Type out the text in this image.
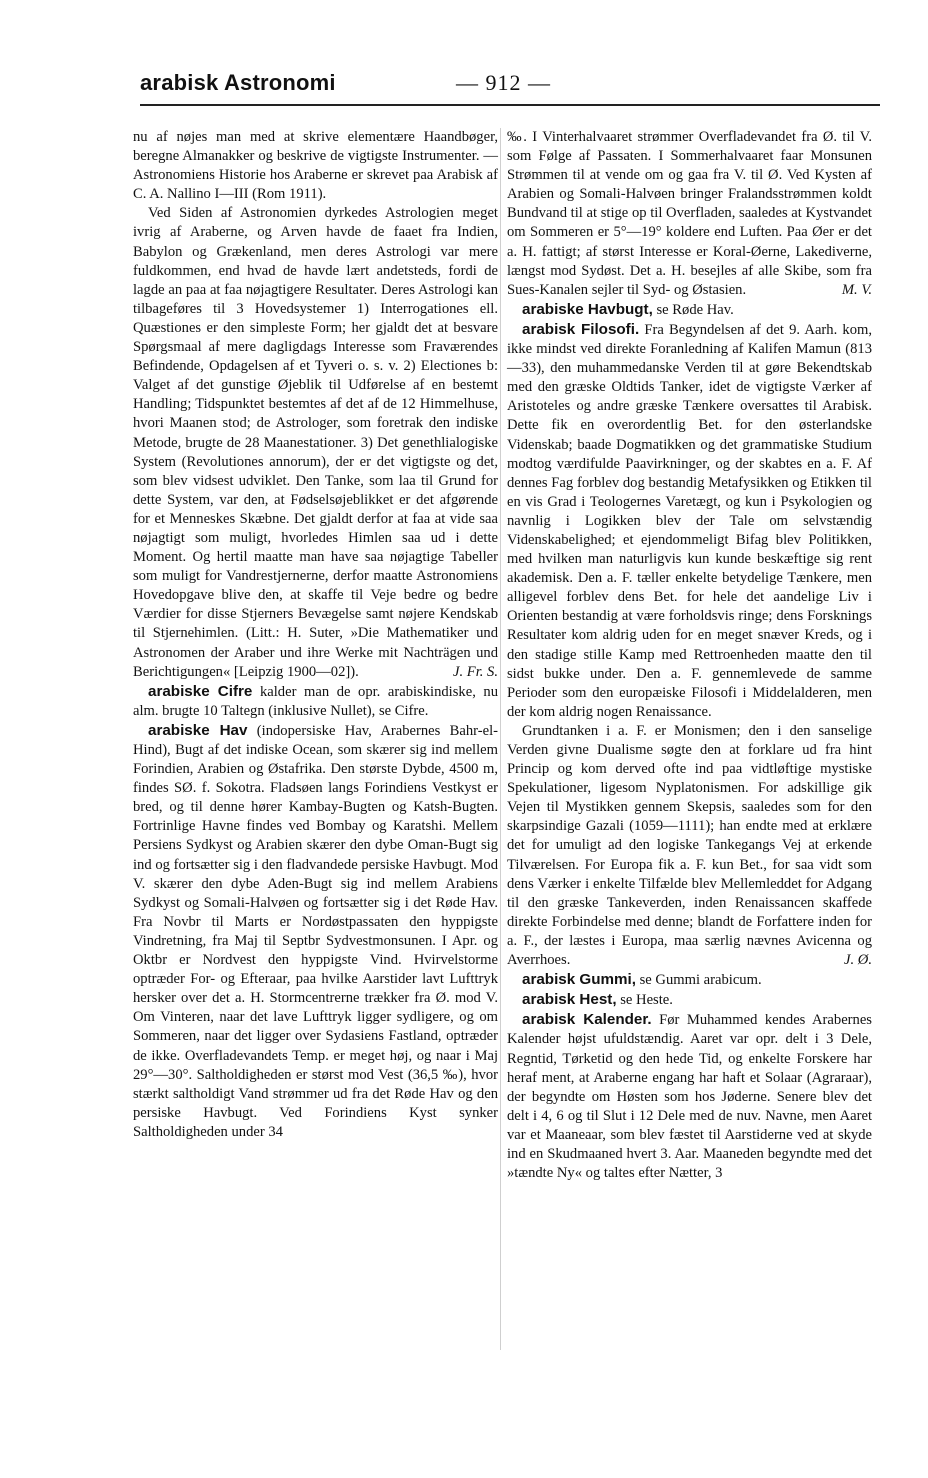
arabisk Astronomi	— 912 —

nu af nøjes man med at skrive elementære Haandbøger, beregne Almanakker og beskrive de vigtigste Instrumenter. — Astronomiens Historie hos Araberne er skrevet paa Arabisk af C. A. Nallino I—III (Rom 1911).

Ved Siden af Astronomien dyrkedes Astrologien meget ivrig af Araberne, og Arven havde de faaet fra Indien, Babylon og Grækenland, men deres Astrologi var mere fuldkommen, end hvad de havde lært andetsteds, fordi de lagde an paa at faa nøjagtigere Resultater. Deres Astrologi kan tilbageføres til 3 Hovedsystemer 1) Interrogationes ell. Quæstiones er den simpleste Form; her gjaldt det at besvare Spørgsmaal af mere dagligdags Interesse som Fraværendes Befindende, Opdagelsen af et Tyveri o. s. v. 2) Electiones b: Valget af det gunstige Øjeblik til Udførelse af en bestemt Handling; Tidspunktet bestemtes af det af de 12 Himmelhuse, hvori Maanen stod; de Astrologer, som foretrak den indiske Metode, brugte de 28 Maanestationer. 3) Det genethlialogiske System (Revolutiones annorum), der er det vigtigste og det, som blev vidsest udviklet. Den Tanke, som laa til Grund for dette System, var den, at Fødselsøjeblikket er det afgørende for et Menneskes Skæbne. Det gjaldt derfor at faa at vide saa nøjagtigt som muligt, hvorledes Himlen saa ud i dette Moment. Og hertil maatte man have saa nøjagtige Tabeller som muligt for Vandrestjernerne, derfor maatte Astronomiens Hovedopgave blive den, at skaffe til Veje bedre og bedre Værdier for disse Stjerners Bevægelse samt nøjere Kendskab til Stjernehimlen. (Litt.: H. Suter, »Die Mathematiker und Astronomen der Araber und ihre Werke mit Nachträgen und Berichtigungen« [Leipzig 1900—02]).	J. Fr. S.

arabiske Cifre kalder man de opr. arabiskindiske, nu alm. brugte 10 Taltegn (inklusive Nullet), se Cifre.

arabiske Hav (indopersiske Hav, Arabernes Bahr-el-Hind), Bugt af det indiske Ocean, som skærer sig ind mellem Forindien, Arabien og Østafrika. Den største Dybde, 4500 m, findes SØ. f. Sokotra. Fladsøen langs Forindiens Vestkyst er bred, og til denne hører Kambay-Bugten og Katsh-Bugten. Fortrinlige Havne findes ved Bombay og Karatshi. Mellem Persiens Sydkyst og Arabien skærer den dybe Oman-Bugt sig ind og fortsætter sig i den fladvandede persiske Havbugt. Mod V. skærer den dybe Aden-Bugt sig ind mellem Arabiens Sydkyst og Somali-Halvøen og fortsætter sig i det Røde Hav. Fra Novbr til Marts er Nordøstpassaten den hyppigste Vindretning, fra Maj til Septbr Sydvestmonsunen. I Apr. og Oktbr er Nordvest den hyppigste Vind. Hvirvelstorme optræder For- og Efteraar, paa hvilke Aarstider lavt Lufttryk hersker over det a. H. Stormcentrerne trækker fra Ø. mod V. Om Vinteren, naar det lave Lufttryk ligger sydligere, og om Sommeren, naar det ligger over Sydasiens Fastland, optræder de ikke. Overfladevandets Temp. er meget høj, og naar i Maj 29°—30°. Saltholdigheden er størst mod Vest (36,5 ‰), hvor stærkt saltholdigt Vand strømmer ud fra det Røde Hav og den persiske Havbugt. Ved Forindiens Kyst synker Saltholdigheden under 34

‰. I Vinterhalvaaret strømmer Overfladevandet fra Ø. til V. som Følge af Passaten. I Sommerhalvaaret faar Monsunen Strømmen til at vende om og gaa fra V. til Ø. Ved Kysten af Arabien og Somali-Halvøen bringer Fralandsstrømmen koldt Bundvand til at stige op til Overfladen, saaledes at Kystvandet om Sommeren er 5°—19° koldere end Luften. Paa Øer er det a. H. fattigt; af størst Interesse er Koral-Øerne, Lakediverne, længst mod Sydøst. Det a. H. besejles af alle Skibe, som fra Sues-Kanalen sejler til Syd- og Østasien.	M. V.

arabiske Havbugt, se Røde Hav.

arabisk Filosofi. Fra Begyndelsen af det 9. Aarh. kom, ikke mindst ved direkte Foranledning af Kalifen Mamun (813—33), den muhammedanske Verden til at gøre Bekendtskab med den græske Oldtids Tanker, idet de vigtigste Værker af Aristoteles og andre græske Tænkere oversattes til Arabisk. Dette fik en overordentlig Bet. for den østerlandske Videnskab; baade Dogmatikken og det grammatiske Studium modtog værdifulde Paavirkninger, og der skabtes en a. F. Af dennes Fag forblev dog bestandig Metafysikken og Etikken til en vis Grad i Teologernes Varetægt, og kun i Psykologien og navnlig i Logikken blev der Tale om selvstændig Videnskabelighed; et ejendommeligt Bifag blev Politikken, med hvilken man naturligvis kun kunde beskæftige sig rent akademisk. Den a. F. tæller enkelte betydelige Tænkere, men alligevel forblev dens Bet. for hele det aandelige Liv i Orienten bestandig at være forholdsvis ringe; dens Forsknings Resultater kom aldrig uden for en meget snæver Kreds, og i den stadige stille Kamp med Rettroenheden maatte den til sidst bukke under. Den a. F. gennemlevede de samme Perioder som den europæiske Filosofi i Middelalderen, men der kom aldrig nogen Renaissance.

Grundtanken i a. F. er Monismen; den i den sanselige Verden givne Dualisme søgte den at forklare ud fra hint Princip og kom derved ofte ind paa vidtløftige mystiske Spekulationer, ligesom Nyplatonismen. For adskillige gik Vejen til Mystikken gennem Skepsis, saaledes som for den skarpsindige Gazali (1059—1111); han endte med at erklære det for umuligt ad den logiske Tankegangs Vej at erkende Tilværelsen. For Europa fik a. F. kun Bet., for saa vidt som dens Værker i enkelte Tilfælde blev Mellemleddet for Adgang til den græske Tankeverden, inden Renaissancen skaffede direkte Forbindelse med denne; blandt de Forfattere inden for a. F., der læstes i Europa, maa særlig nævnes Avicenna og Averrhoes.	J. Ø.

arabisk Gummi, se Gummi arabicum.

arabisk Hest, se Heste.

arabisk Kalender. Før Muhammed kendes Arabernes Kalender højst ufuldstændig. Aaret var opr. delt i 3 Dele, Regntid, Tørketid og den hede Tid, og enkelte Forskere har heraf ment, at Araberne engang har haft et Solaar (Agraraar), der begyndte om Høsten som hos Jøderne. Senere blev det delt i 4, 6 og til Slut i 12 Dele med de nuv. Navne, men Aaret var et Maaneaar, som blev fæstet til Aarstiderne ved at skyde ind en Skudmaaned hvert 3. Aar. Maaneden begyndte med det »tændte Ny« og taltes efter Nætter, 3
